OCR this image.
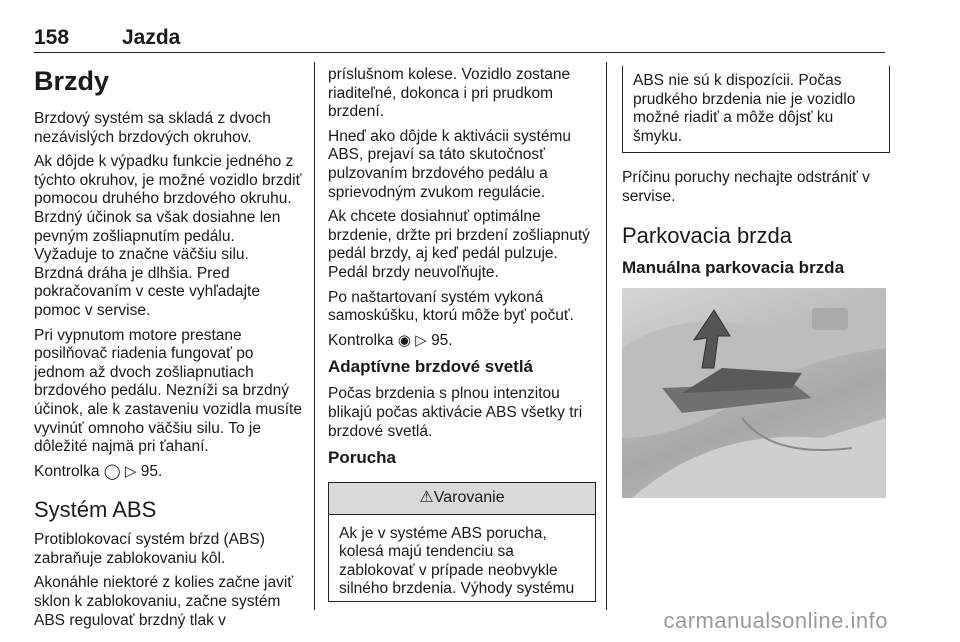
158	Jazda
Brzdy

Brzdový systém sa skladá z dvoch nezávislých brzdových okruhov.

Ak dôjde k výpadku funkcie jedného z týchto okruhov, je možné vozidlo brzdiť pomocou druhého brzdového okruhu. Brzdný účinok sa však dosiahne len pevným zošliapnutím pedálu. Vyžaduje to značne väčšiu silu. Brzdná dráha je dlhšia. Pred pokračovaním v ceste vyhľadajte pomoc v servise.

Pri vypnutom motore prestane posilňovač riadenia fungovať po jednom až dvoch zošliapnutiach brzdového pedálu. Nezníži sa brzdný účinok, ale k zastaveniu vozidla musíte vyvinúť omnoho väčšiu silu. To je dôležité najmä pri ťahaní.

Kontrolka ◯ ▷ 95.

Systém ABS

Protiblokovací systém bŕzd (ABS) zabraňuje zablokovaniu kôl.

Akonáhle niektoré z kolies začne javiť sklon k zablokovaniu, začne systém ABS regulovať brzdný tlak v

príslušnom kolese. Vozidlo zostane riaditeľné, dokonca i pri prudkom brzdení.

Hneď ako dôjde k aktivácii systému ABS, prejaví sa táto skutočnosť pulzovaním brzdového pedálu a sprievodným zvukom regulácie.

Ak chcete dosiahnuť optimálne brzdenie, držte pri brzdení zošliapnutý pedál brzdy, aj keď pedál pulzuje. Pedál brzdy neuvoľňujte.

Po naštartovaní systém vykoná samoskúšku, ktorú môže byť počuť.

Kontrolka ◉ ▷ 95.

Adaptívne brzdové svetlá

Počas brzdenia s plnou intenzitou blikajú počas aktivácie ABS všetky tri brzdové svetlá.

Porucha
⚠Varovanie
Ak je v systéme ABS porucha, kolesá majú tendenciu sa zablokovať v prípade neobvykle silného brzdenia. Výhody systému
ABS nie sú k dispozícii. Počas prudkého brzdenia nie je vozidlo možné riadiť a môže dôjsť ku šmyku.

Príčinu poruchy nechajte odstrániť v servise.

Parkovacia brzda
Manuálna parkovacia brzda
carmanualsonline.info
